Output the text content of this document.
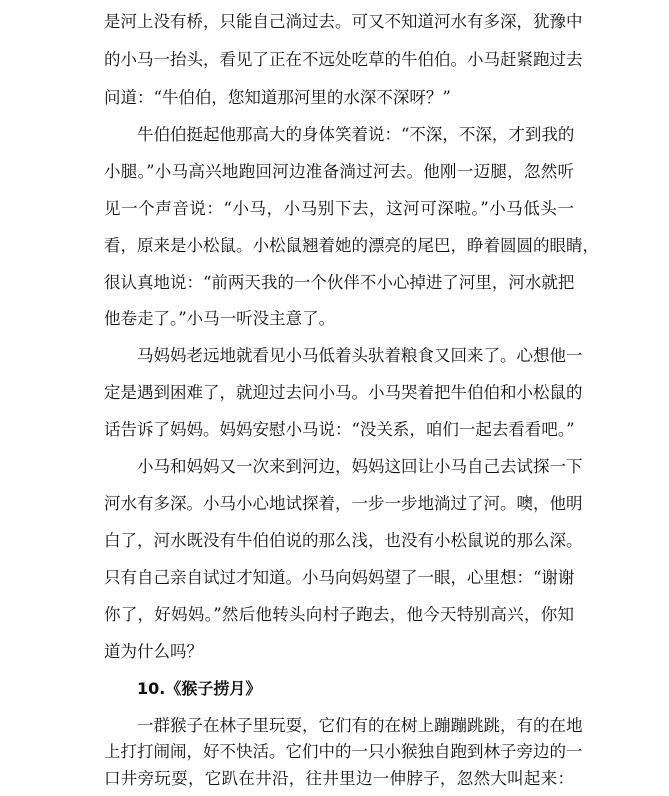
是河上没有桥，只能自己淌过去。可又不知道河水有多深，犹豫中
的小马一抬头，看见了正在不远处吃草的牛伯伯。小马赶紧跑过去
问道：“牛伯伯，您知道那河里的水深不深呀？”
牛伯伯挺起他那高大的身体笑着说：“不深，不深，才到我的
小腿。”小马高兴地跑回河边准备淌过河去。他刚一迈腿，忽然听
见一个声音说：“小马，小马别下去，这河可深啦。”小马低头一
看，原来是小松鼠。小松鼠翘着她的漂亮的尾巴，睁着圆圆的眼睛，
很认真地说：“前两天我的一个伙伴不小心掉进了河里，河水就把
他卷走了。”小马一听没主意了。
马妈妈老远地就看见小马低着头驮着粮食又回来了。心想他一
定是遇到困难了，就迎过去问小马。小马哭着把牛伯伯和小松鼠的
话告诉了妈妈。妈妈安慰小马说：“没关系，咱们一起去看看吧。”
小马和妈妈又一次来到河边，妈妈这回让小马自己去试探一下
河水有多深。小马小心地试探着，一步一步地淌过了河。噢，他明
白了，河水既没有牛伯伯说的那么浅，也没有小松鼠说的那么深。
只有自己亲自试过才知道。小马向妈妈望了一眼，心里想：“谢谢
你了，好妈妈。”然后他转头向村子跑去，他今天特别高兴，你知
道为什么吗？
10.《猴子捞月》
一群猴子在林子里玩耍，它们有的在树上蹦蹦跳跳，有的在地
上打打闹闹，好不快活。它们中的一只小猴独自跑到林子旁边的一
口井旁玩耍，它趴在井沿，往井里边一伸脖子，忽然大叫起来：
